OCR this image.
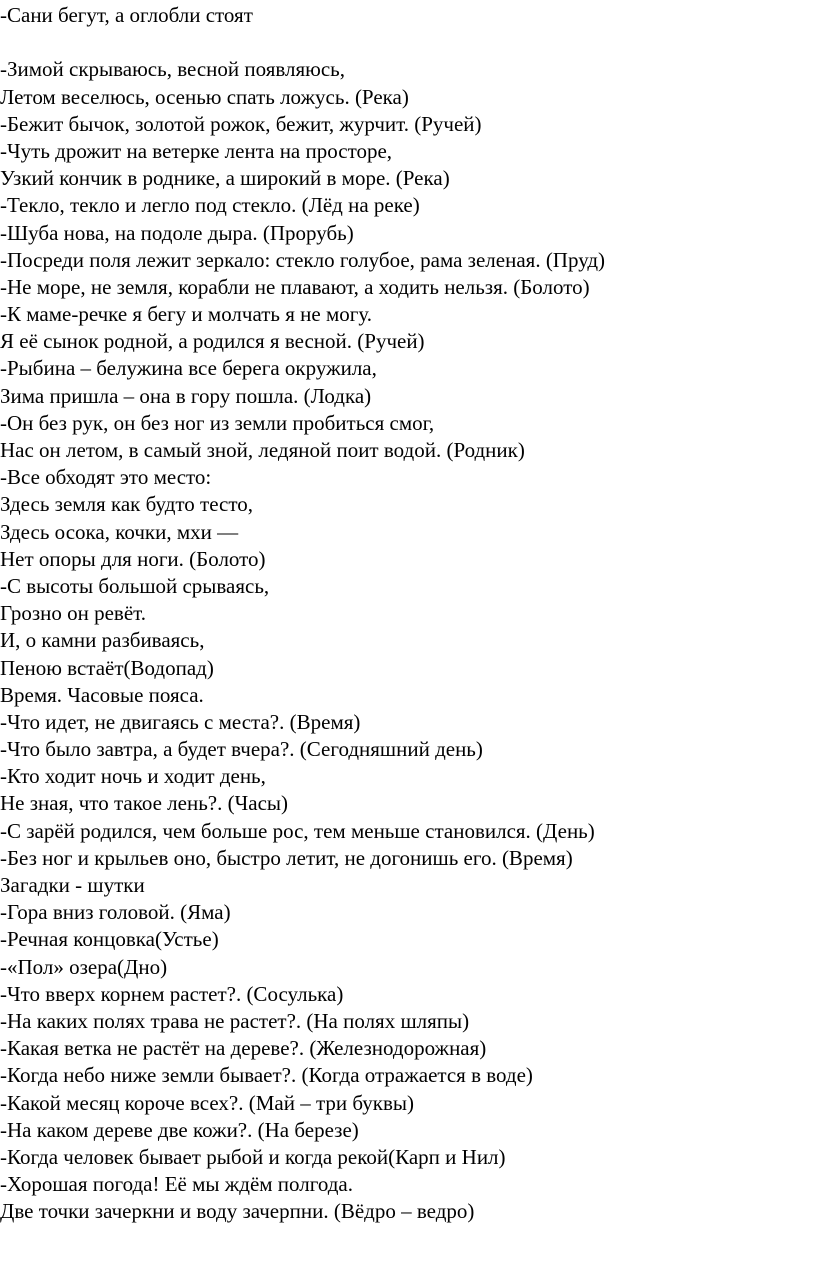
-Сани бегут, а оглобли стоят
-Зимой скрываюсь, весной появляюсь,
Летом веселюсь, осенью спать ложусь. (Река)
-Бежит бычок, золотой рожок, бежит, журчит. (Ручей)
-Чуть дрожит на ветерке лента на просторе,
Узкий кончик в роднике, а широкий в море. (Река)
-Текло, текло и легло под стекло. (Лёд на реке)
-Шуба нова, на подоле дыра. (Прорубь)
-Посреди поля лежит зеркало: стекло голубое, рама зеленая. (Пруд)
-Не море, не земля, корабли не плавают, а ходить нельзя. (Болото)
-К маме-речке я бегу и молчать я не могу.
Я её сынок родной, а родился я весной. (Ручей)
-Рыбина – белужина все берега окружила,
Зима пришла – она в гору пошла. (Лодка)
-Он без рук, он без ног из земли пробиться смог,
Нас он летом, в самый зной, ледяной поит водой. (Родник)
-Все обходят это место:
Здесь земля как будто тесто,
Здесь осока, кочки, мхи —
Нет опоры для ноги. (Болото)
-С высоты большой срываясь,
Грозно он ревёт.
И, о камни разбиваясь,
Пеною встаёт(Водопад)
Время. Часовые пояса.
-Что идет, не двигаясь с места?. (Время)
-Что было завтра, а будет вчера?. (Сегодняшний день)
-Кто ходит ночь и ходит день,
Не зная, что такое лень?. (Часы)
-С зарёй родился, чем больше рос, тем меньше становился. (День)
-Без ног и крыльев оно, быстро летит, не догонишь его. (Время)
Загадки - шутки
-Гора вниз головой. (Яма)
-Речная концовка(Устье)
-«Пол» озера(Дно)
-Что вверх корнем растет?. (Сосулька)
-На каких полях трава не растет?. (На полях шляпы)
-Какая ветка не растёт на дереве?. (Железнодорожная)
-Когда небо ниже земли бывает?. (Когда отражается в воде)
-Какой месяц короче всех?. (Май – три буквы)
-На каком дереве две кожи?. (На березе)
-Когда человек бывает рыбой и когда рекой(Карп и Нил)
-Хорошая погода! Её мы ждём полгода.
Две точки зачеркни и воду зачерпни. (Вёдро – ведро)
